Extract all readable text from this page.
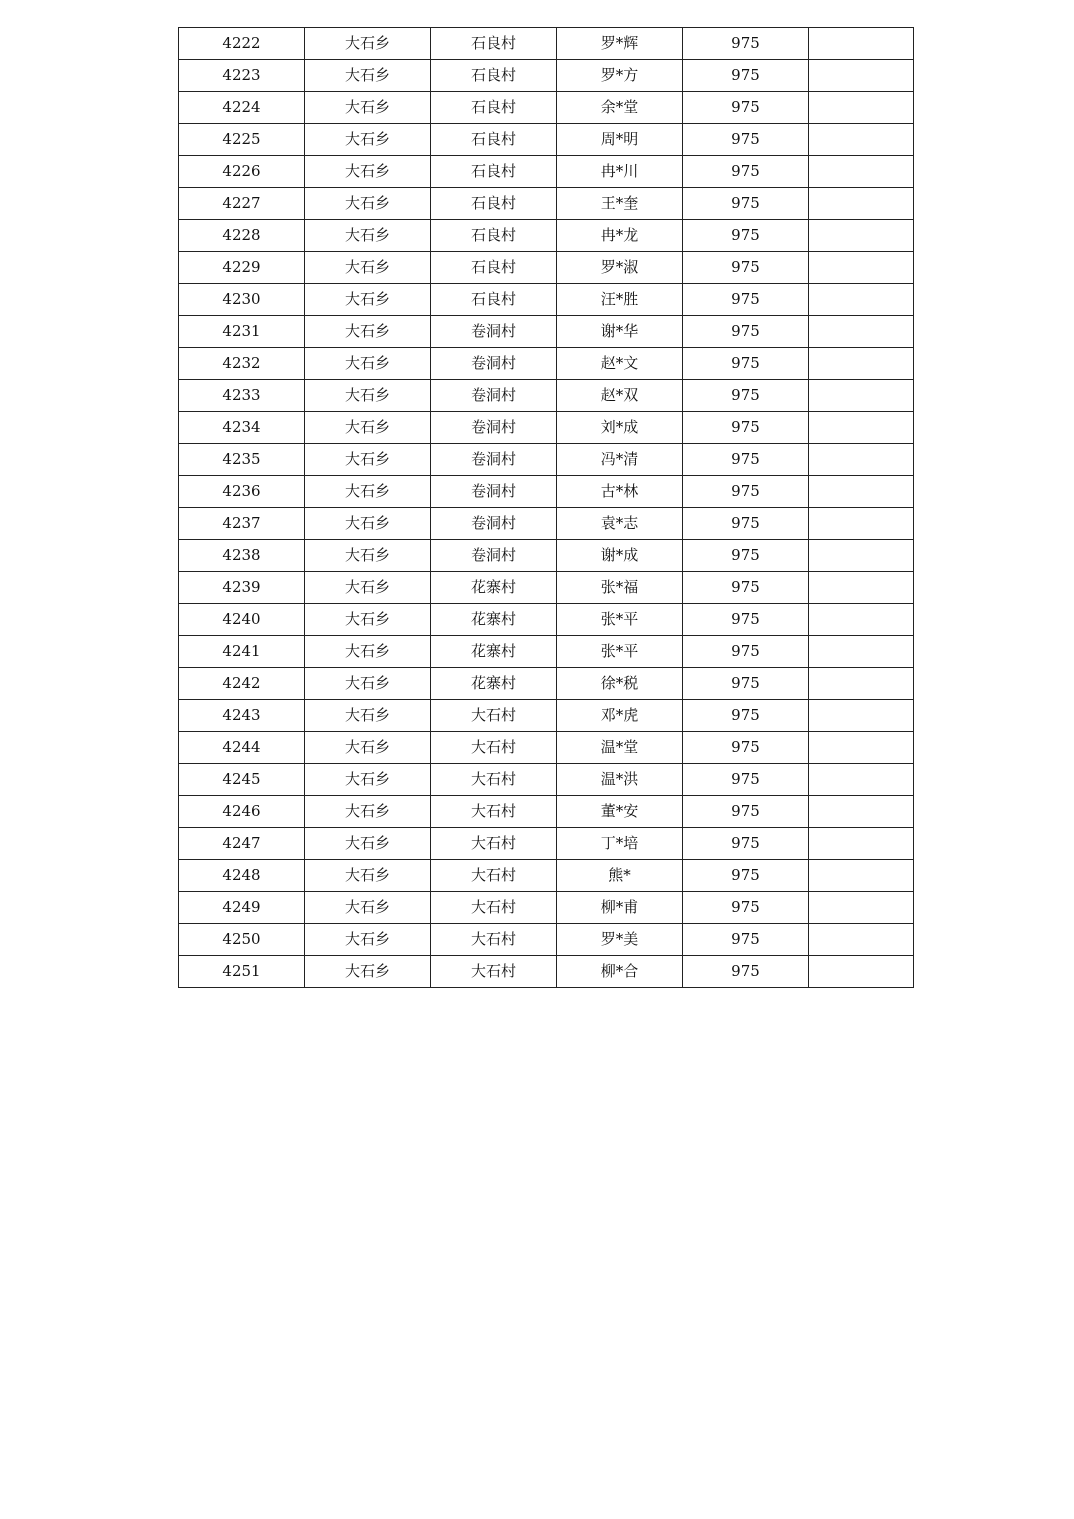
4222	大石乡	石良村	罗*辉	975	
4223	大石乡	石良村	罗*方	975	
4224	大石乡	石良村	余*堂	975	
4225	大石乡	石良村	周*明	975	
4226	大石乡	石良村	冉*川	975	
4227	大石乡	石良村	王*奎	975	
4228	大石乡	石良村	冉*龙	975	
4229	大石乡	石良村	罗*淑	975	
4230	大石乡	石良村	汪*胜	975	
4231	大石乡	卷洞村	谢*华	975	
4232	大石乡	卷洞村	赵*文	975	
4233	大石乡	卷洞村	赵*双	975	
4234	大石乡	卷洞村	刘*成	975	
4235	大石乡	卷洞村	冯*清	975	
4236	大石乡	卷洞村	古*林	975	
4237	大石乡	卷洞村	袁*志	975	
4238	大石乡	卷洞村	谢*成	975	
4239	大石乡	花寨村	张*福	975	
4240	大石乡	花寨村	张*平	975	
4241	大石乡	花寨村	张*平	975	
4242	大石乡	花寨村	徐*税	975	
4243	大石乡	大石村	邓*虎	975	
4244	大石乡	大石村	温*堂	975	
4245	大石乡	大石村	温*洪	975	
4246	大石乡	大石村	董*安	975	
4247	大石乡	大石村	丁*培	975	
4248	大石乡	大石村	熊*	975	
4249	大石乡	大石村	柳*甫	975	
4250	大石乡	大石村	罗*美	975	
4251	大石乡	大石村	柳*合	975	
